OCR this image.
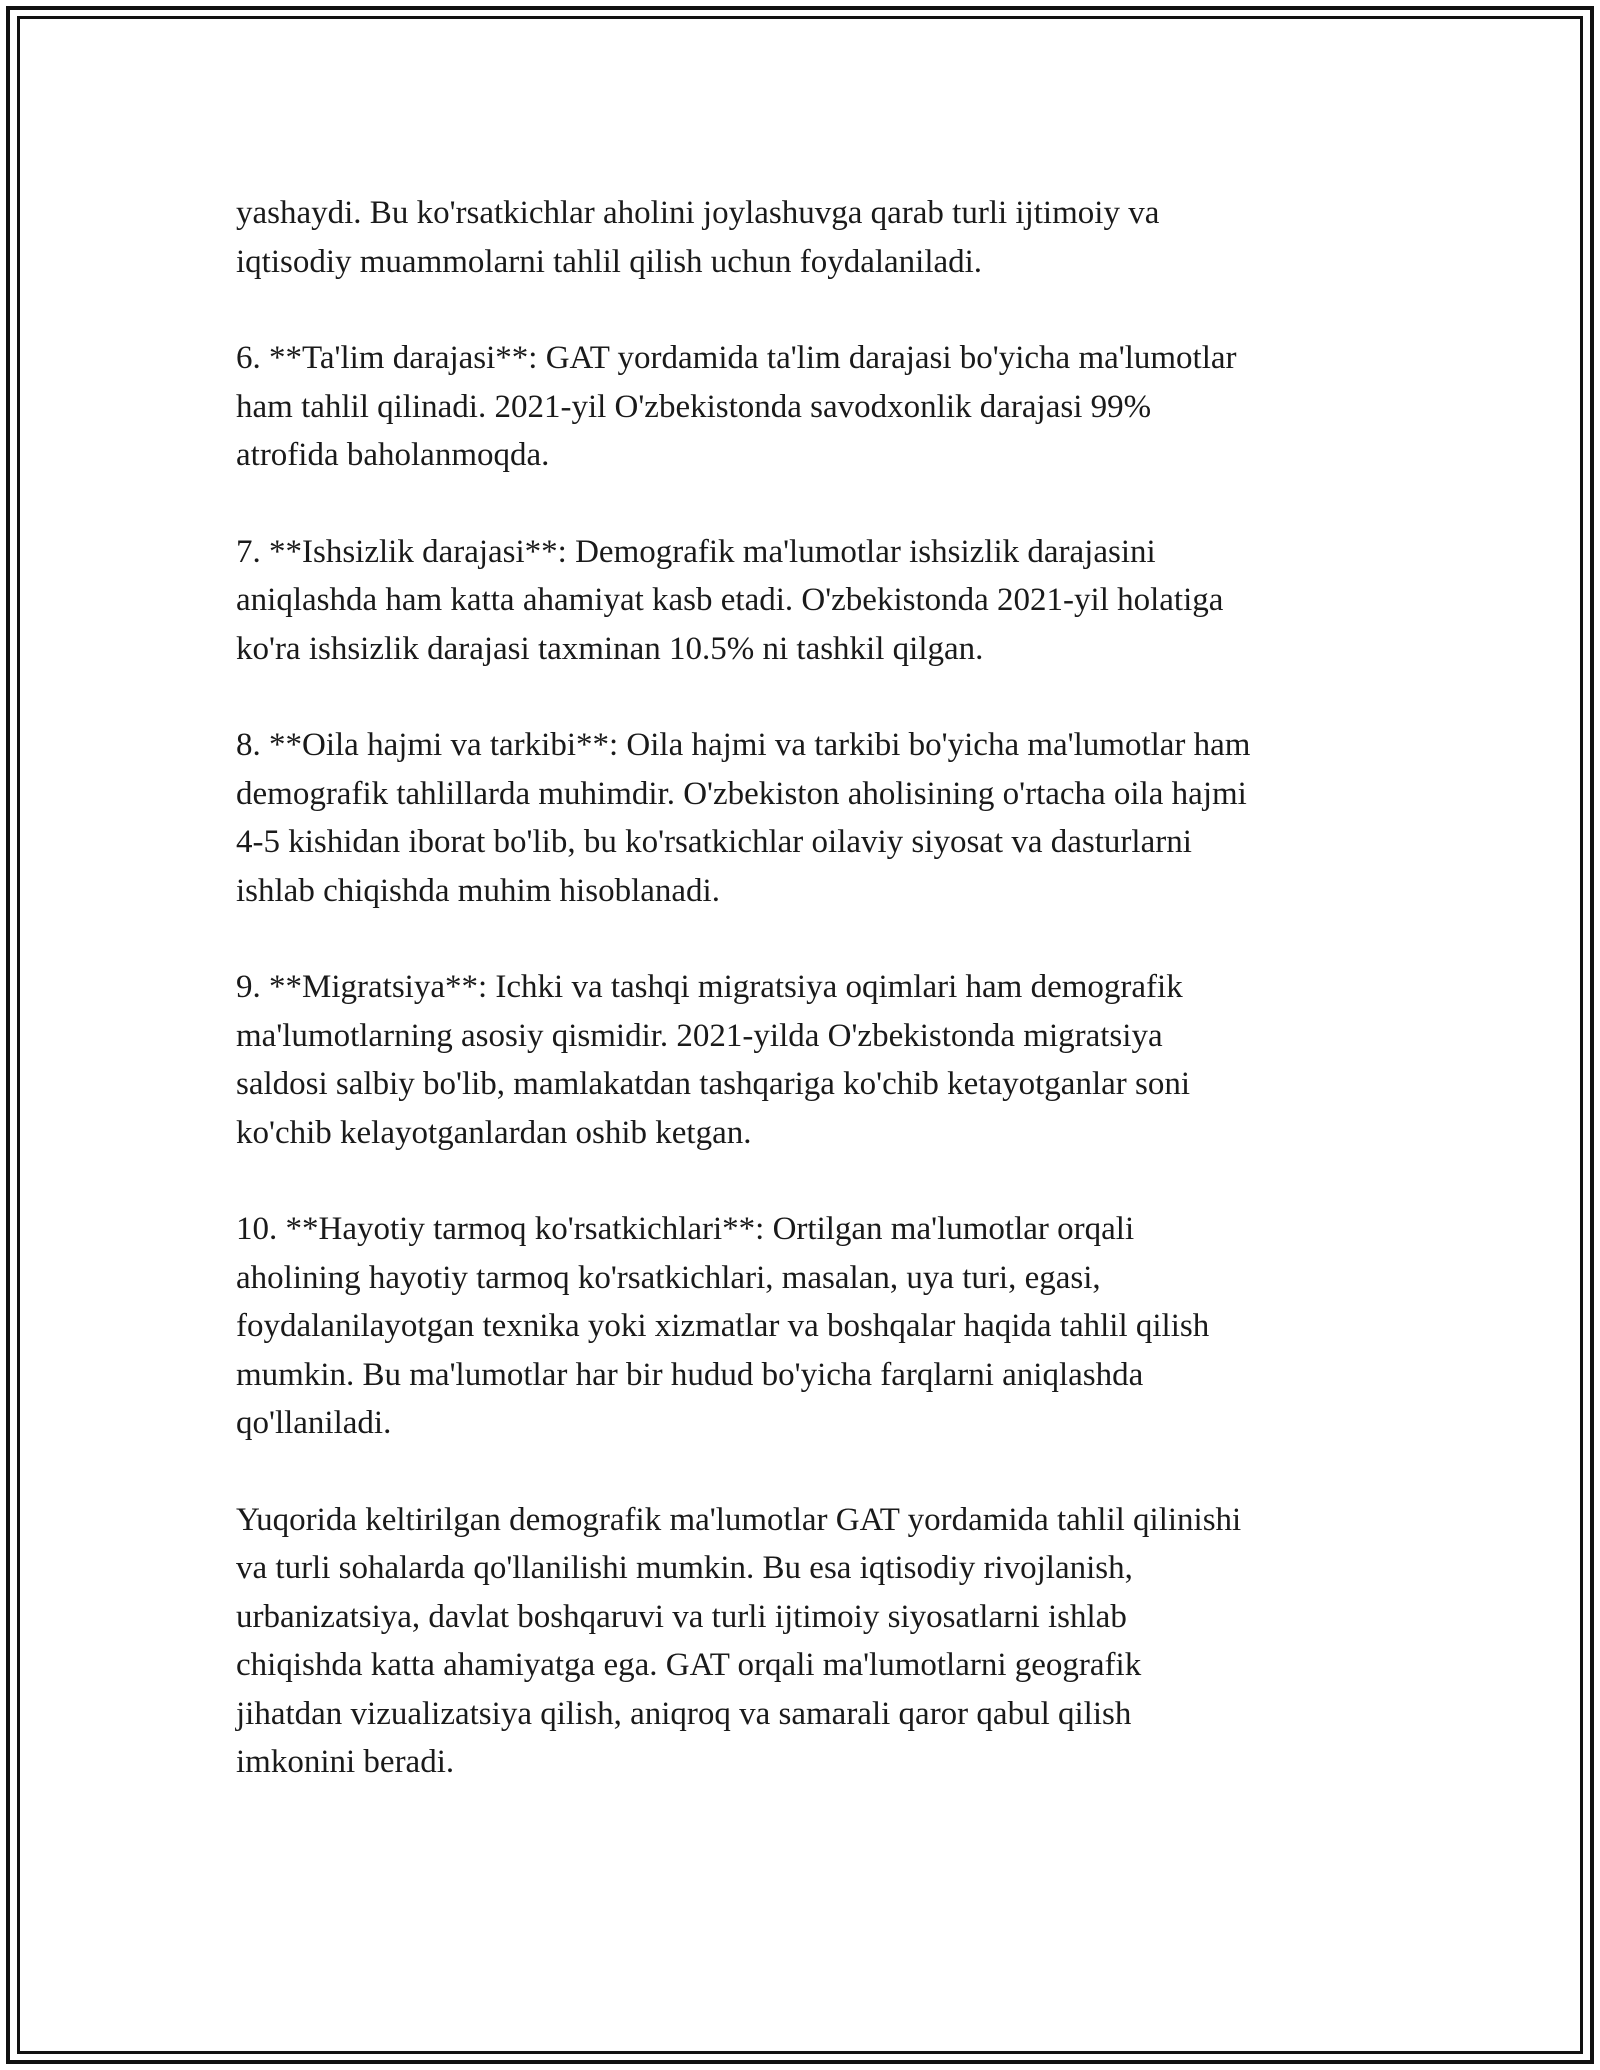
yashaydi. Bu ko'rsatkichlar aholini joylashuvga qarab turli ijtimoiy va
iqtisodiy muammolarni tahlil qilish uchun foydalaniladi.

6. **Ta'lim darajasi**: GAT yordamida ta'lim darajasi bo'yicha ma'lumotlar
ham tahlil qilinadi. 2021-yil O'zbekistonda savodxonlik darajasi 99%
atrofida baholanmoqda.

7. **Ishsizlik darajasi**: Demografik ma'lumotlar ishsizlik darajasini
aniqlashda ham katta ahamiyat kasb etadi. O'zbekistonda 2021-yil holatiga
ko'ra ishsizlik darajasi taxminan 10.5% ni tashkil qilgan.

8. **Oila hajmi va tarkibi**: Oila hajmi va tarkibi bo'yicha ma'lumotlar ham
demografik tahlillarda muhimdir. O'zbekiston aholisining o'rtacha oila hajmi
4-5 kishidan iborat bo'lib, bu ko'rsatkichlar oilaviy siyosat va dasturlarni
ishlab chiqishda muhim hisoblanadi.

9. **Migratsiya**: Ichki va tashqi migratsiya oqimlari ham demografik
ma'lumotlarning asosiy qismidir. 2021-yilda O'zbekistonda migratsiya
saldosi salbiy bo'lib, mamlakatdan tashqariga ko'chib ketayotganlar soni
ko'chib kelayotganlardan oshib ketgan.

10. **Hayotiy tarmoq ko'rsatkichlari**: Ortilgan ma'lumotlar orqali
aholining hayotiy tarmoq ko'rsatkichlari, masalan, uya turi, egasi,
foydalanilayotgan texnika yoki xizmatlar va boshqalar haqida tahlil qilish
mumkin. Bu ma'lumotlar har bir hudud bo'yicha farqlarni aniqlashda
qo'llaniladi.

Yuqorida keltirilgan demografik ma'lumotlar GAT yordamida tahlil qilinishi
va turli sohalarda qo'llanilishi mumkin. Bu esa iqtisodiy rivojlanish,
urbanizatsiya, davlat boshqaruvi va turli ijtimoiy siyosatlarni ishlab
chiqishda katta ahamiyatga ega. GAT orqali ma'lumotlarni geografik
jihatdan vizualizatsiya qilish, aniqroq va samarali qaror qabul qilish
imkonini beradi.
